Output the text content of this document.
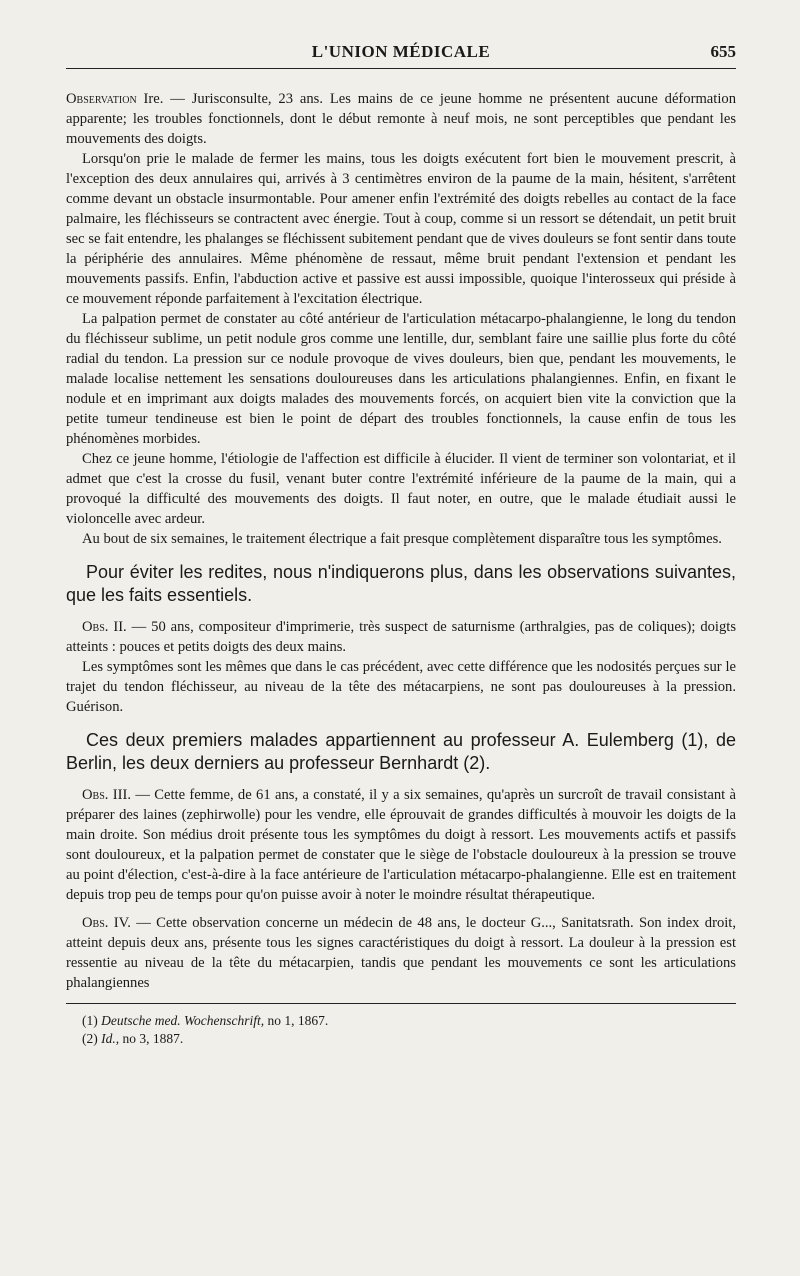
L'UNION MÉDICALE	655

Observation Ire. — Jurisconsulte, 23 ans. Les mains de ce jeune homme ne présentent aucune déformation apparente; les troubles fonctionnels, dont le début remonte à neuf mois, ne sont perceptibles que pendant les mouvements des doigts.

Lorsqu'on prie le malade de fermer les mains, tous les doigts exécutent fort bien le mouvement prescrit, à l'exception des deux annulaires qui, arrivés à 3 centimètres environ de la paume de la main, hésitent, s'arrêtent comme devant un obstacle insurmontable. Pour amener enfin l'extrémité des doigts rebelles au contact de la face palmaire, les fléchisseurs se contractent avec énergie. Tout à coup, comme si un ressort se détendait, un petit bruit sec se fait entendre, les phalanges se fléchissent subitement pendant que de vives douleurs se font sentir dans toute la périphérie des annulaires. Même phénomène de ressaut, même bruit pendant l'extension et pendant les mouvements passifs. Enfin, l'abduction active et passive est aussi impossible, quoique l'interosseux qui préside à ce mouvement réponde parfaitement à l'excitation électrique.

La palpation permet de constater au côté antérieur de l'articulation métacarpo-phalangienne, le long du tendon du fléchisseur sublime, un petit nodule gros comme une lentille, dur, semblant faire une saillie plus forte du côté radial du tendon. La pression sur ce nodule provoque de vives douleurs, bien que, pendant les mouvements, le malade localise nettement les sensations douloureuses dans les articulations phalangiennes. Enfin, en fixant le nodule et en imprimant aux doigts malades des mouvements forcés, on acquiert bien vite la conviction que la petite tumeur tendineuse est bien le point de départ des troubles fonctionnels, la cause enfin de tous les phénomènes morbides.

Chez ce jeune homme, l'étiologie de l'affection est difficile à élucider. Il vient de terminer son volontariat, et il admet que c'est la crosse du fusil, venant buter contre l'extrémité inférieure de la paume de la main, qui a provoqué la difficulté des mouvements des doigts. Il faut noter, en outre, que le malade étudiait aussi le violoncelle avec ardeur.

Au bout de six semaines, le traitement électrique a fait presque complètement disparaître tous les symptômes.

Pour éviter les redites, nous n'indiquerons plus, dans les observations suivantes, que les faits essentiels.

Obs. II. — 50 ans, compositeur d'imprimerie, très suspect de saturnisme (arthralgies, pas de coliques); doigts atteints : pouces et petits doigts des deux mains.

Les symptômes sont les mêmes que dans le cas précédent, avec cette différence que les nodosités perçues sur le trajet du tendon fléchisseur, au niveau de la tête des métacarpiens, ne sont pas douloureuses à la pression. Guérison.

Ces deux premiers malades appartiennent au professeur A. Eulemberg (1), de Berlin, les deux derniers au professeur Bernhardt (2).

Obs. III. — Cette femme, de 61 ans, a constaté, il y a six semaines, qu'après un surcroît de travail consistant à préparer des laines (zephirwolle) pour les vendre, elle éprouvait de grandes difficultés à mouvoir les doigts de la main droite. Son médius droit présente tous les symptômes du doigt à ressort. Les mouvements actifs et passifs sont douloureux, et la palpation permet de constater que le siège de l'obstacle douloureux à la pression se trouve au point d'élection, c'est-à-dire à la face antérieure de l'articulation métacarpo-phalangienne. Elle est en traitement depuis trop peu de temps pour qu'on puisse avoir à noter le moindre résultat thérapeutique.

Obs. IV. — Cette observation concerne un médecin de 48 ans, le docteur G..., Sanitatsrath. Son index droit, atteint depuis deux ans, présente tous les signes caractéristiques du doigt à ressort. La douleur à la pression est ressentie au niveau de la tête du métacarpien, tandis que pendant les mouvements ce sont les articulations phalangiennes

(1) Deutsche med. Wochenschrift, no 1, 1867.

(2) Id., no 3, 1887.
